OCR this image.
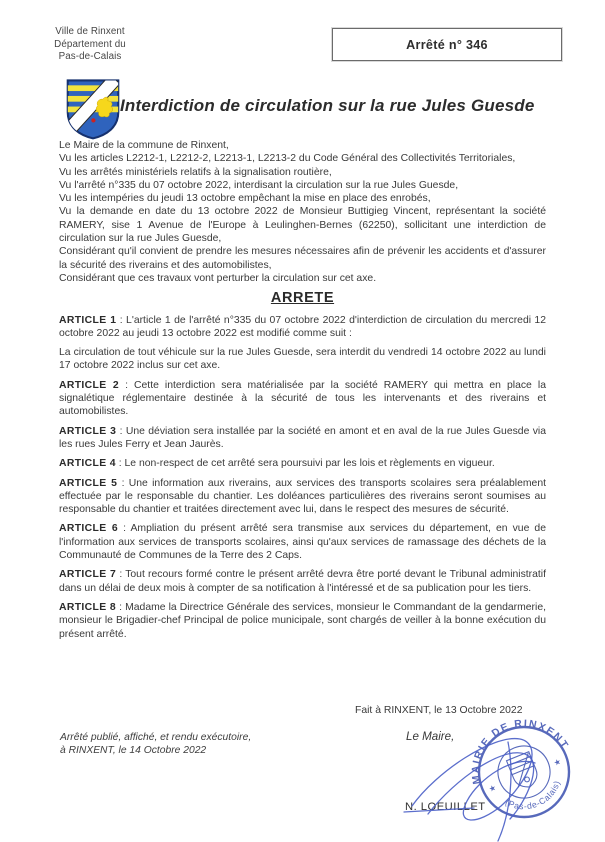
Ville de Rinxent
Département du
Pas-de-Calais
Arrêté n° 346
Interdiction de circulation sur la rue Jules Guesde
Le Maire de la commune de Rinxent,
Vu les articles L2212-1, L2212-2, L2213-1, L2213-2 du Code Général des Collectivités Territoriales,
Vu les arrêtés ministériels relatifs à la signalisation routière,
Vu l'arrêté n°335 du 07 octobre 2022, interdisant la circulation sur la rue Jules Guesde,
Vu les intempéries du jeudi 13 octobre empêchant la mise en place des enrobés,
Vu la demande en date du 13 octobre 2022 de Monsieur Buttigieg Vincent, représentant la société RAMERY, sise 1 Avenue de l'Europe à Leulinghen-Bernes (62250), sollicitant une interdiction de circulation sur la rue Jules Guesde,
Considérant qu'il convient de prendre les mesures nécessaires afin de prévenir les accidents et d'assurer la sécurité des riverains et des automobilistes,
Considérant que ces travaux vont perturber la circulation sur cet axe.
ARRETE

ARTICLE 1 : L'article 1 de l'arrêté n°335 du 07 octobre 2022 d'interdiction de circulation du mercredi 12 octobre 2022 au jeudi 13 octobre 2022 est modifié comme suit :

La circulation de tout véhicule sur la rue Jules Guesde, sera interdit du vendredi 14 octobre 2022 au lundi 17 octobre 2022 inclus sur cet axe.

ARTICLE 2 : Cette interdiction sera matérialisée par la société RAMERY qui mettra en place la signalétique réglementaire destinée à la sécurité de tous les intervenants et des riverains et automobilistes.

ARTICLE 3 : Une déviation sera installée par la société en amont et en aval de la rue Jules Guesde via les rues Jules Ferry et Jean Jaurès.

ARTICLE 4 : Le non-respect de cet arrêté sera poursuivi par les lois et règlements en vigueur.

ARTICLE 5 : Une information aux riverains, aux services des transports scolaires sera préalablement effectuée par le responsable du chantier. Les doléances particulières des riverains seront soumises au responsable du chantier et traitées directement avec lui, dans le respect des mesures de sécurité.

ARTICLE 6 : Ampliation du présent arrêté sera transmise aux services du département, en vue de l'information aux services de transports scolaires, ainsi qu'aux services de ramassage des déchets de la Communauté de Communes de la Terre des 2 Caps.

ARTICLE 7 : Tout recours formé contre le présent arrêté devra être porté devant le Tribunal administratif dans un délai de deux mois à compter de sa notification à l'intéressé et de sa publication pour les tiers.

ARTICLE 8 : Madame la Directrice Générale des services, monsieur le Commandant de la gendarmerie, monsieur le Brigadier-chef Principal de police municipale, sont chargés de veiller à la bonne exécution du présent arrêté.

Fait à RINXENT, le 13 Octobre 2022
Arrêté publié, affiché, et rendu exécutoire,
à RINXENT, le 14 Octobre 2022
Le Maire,
MAIRIE DE RINXENT
(Pas-de-Calais)
★
★
N. LOEUILLET
